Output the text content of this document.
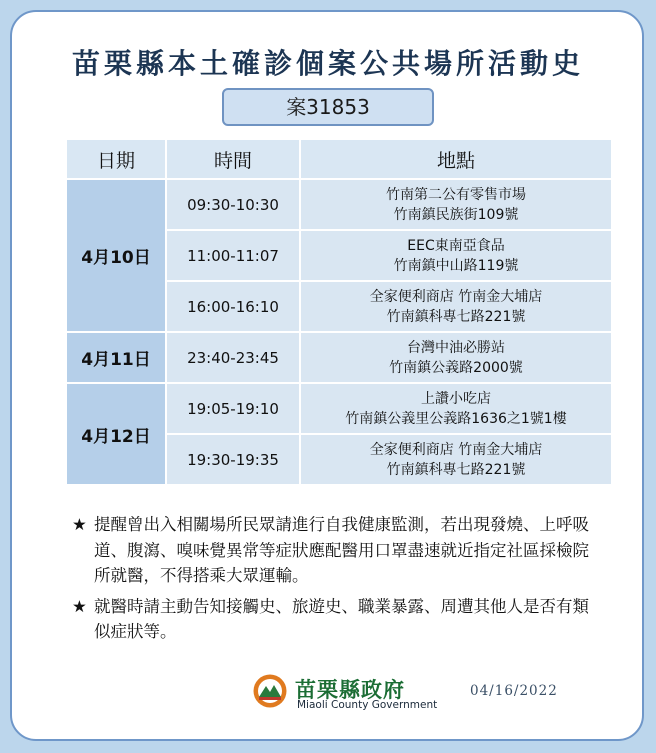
苗栗縣本土確診個案公共場所活動史
案31853
日期	時間	地點
4月10日	09:30-10:30	竹南第二公有零售市場
竹南鎮民族街109號

	11:00-11:07	EEC東南亞食品
竹南鎮中山路119號

	16:00-16:10	全家便利商店 竹南金大埔店
竹南鎮科專七路221號

4月11日	23:40-23:45	台灣中油必勝站
竹南鎮公義路2000號

4月12日	19:05-19:10	上讚小吃店
竹南鎮公義里公義路1636之1號1樓

	19:30-19:35	全家便利商店 竹南金大埔店
竹南鎮科專七路221號
★ 提醒曾出入相關場所民眾請進行自我健康監測，若出現發燒、上呼吸道、腹瀉、嗅味覺異常等症狀應配醫用口罩盡速就近指定社區採檢院所就醫，不得搭乘大眾運輸。
★ 就醫時請主動告知接觸史、旅遊史、職業暴露、周遭其他人是否有類似症狀等。
苗栗縣政府
Miaoli County Government
04/16/2022
